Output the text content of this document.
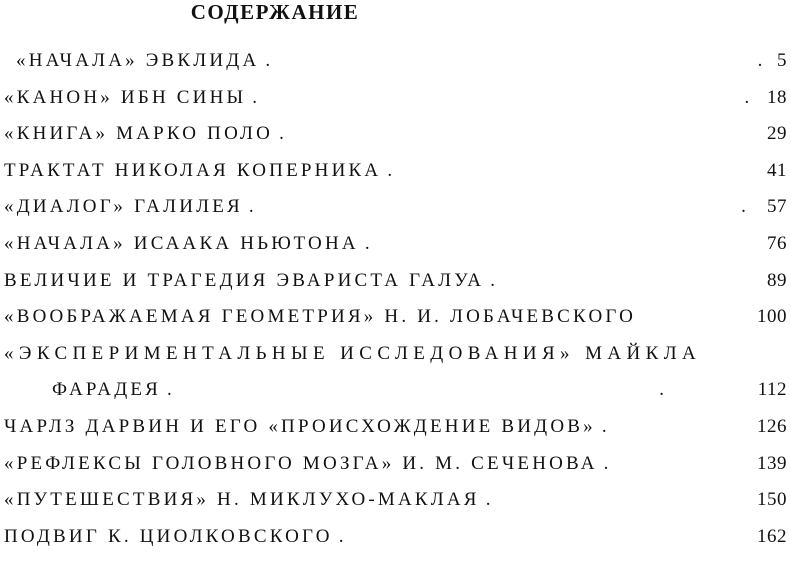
СОДЕРЖАНИЕ
«НАЧАЛА» ЭВКЛИДА .	5
«КАНОН» ИБН СИНЫ .	18
«КНИГА» МАРКО ПОЛО .	29
ТРАКТАТ НИКОЛАЯ КОПЕРНИКА .	41
«ДИАЛОГ» ГАЛИЛЕЯ .	57
«НАЧАЛА» ИСААКА НЬЮТОНА .	76
ВЕЛИЧИЕ И ТРАГЕДИЯ ЭВАРИСТА ГАЛУА .	89
«ВООБРАЖАЕМАЯ ГЕОМЕТРИЯ» Н. И. ЛОБАЧЕВСКОГО	100
«ЭКСПЕРИМЕНТАЛЬНЫЕ ИССЛЕДОВАНИЯ» МАЙКЛА
ФАРАДЕЯ .	112
ЧАРЛЗ ДАРВИН И ЕГО «ПРОИСХОЖДЕНИЕ ВИДОВ» .	126
«РЕФЛЕКСЫ ГОЛОВНОГО МОЗГА» И. М. СЕЧЕНОВА .	139
«ПУТЕШЕСТВИЯ» Н. МИКЛУХО-МАКЛАЯ .	150
ПОДВИГ К. ЦИОЛКОВСКОГО .	162
